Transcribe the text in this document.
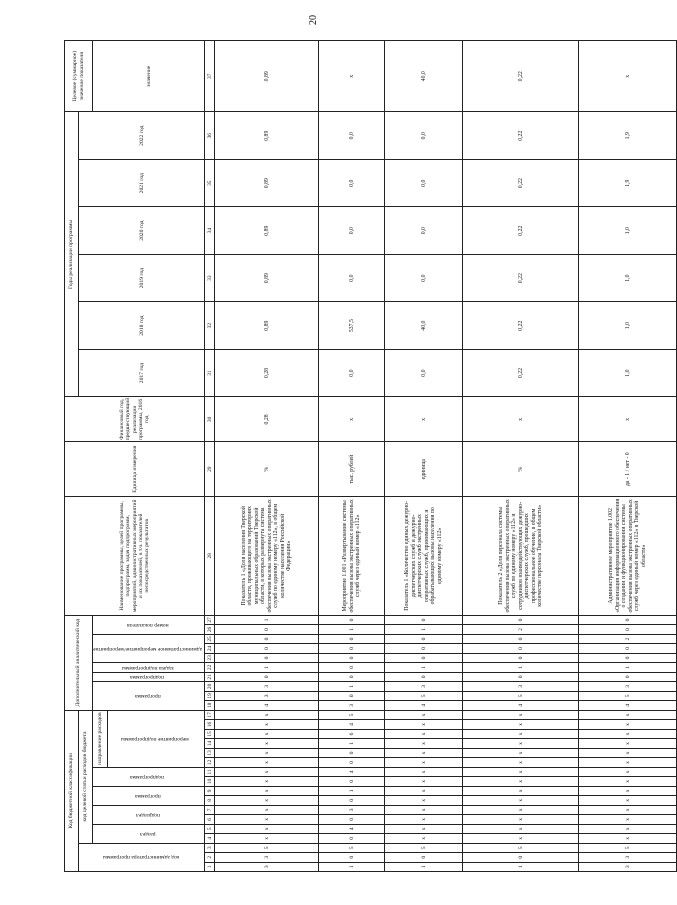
20
Код бюджетной классификации																	Дополнительный аналитический код										Наименование программы, целей программы, подпрограмм, задач подпрограмм, мероприятий, административных мероприятий и их показателей, в т.ч. показателей непосредственных результатов	Единица измерения	Финансовый год, предшествующий реализации программы, 2016 год	Годы реализации программы						Целевое (суммарное) значение показателя
код администратора программы			код целевой статьи расходов бюджета																											2017 год	2018 год	2019 год	2020 год	2021 год	2022 год	
			раздел		подраздел		программа		подпрограмма		направление расходов						программа			подпрограмма	задача подпрограммы	административное мероприятие/мероприятие			номер показателя											значение
											мероприятие подпрограммы																									
1	2	3	4	5	6	7	8	9	10	11	12	13	14	15	16	17	18	19	20	21	22	23	24	25	26	27	28	29	30	31	32	33	34	35	36	37
3	3	5	х	х	х	х	х	х	х	х	х	х	х	х	х	х	4	3	3	0	1	0	0	0	0	1	Показатель 1 «Доля населения Тверской области, проживающего на территориях муниципальных образований Тверской области, в которых развернута система обеспечения вызова экстренных оперативных служб по единому номеру «112», в общем количестве населения Российской Федерации»	%	0,28	0,28	0,89	0,89	0,89	0,89	0,89	0,89
1	0	5	0	4	0	3	0	1	0	4	0	0	1	6	4	5	3	0	1	0	0	0	0	0	1	0	Мероприятие 1.001 «Развертывание системы обеспечения вызова экстренных оперативных служб через единый номер «112»	тыс. рублей	х	0,0	537,5	0,0	0,0	0,0	0,0	х
1	0	5	х	х	х	х	х	х	х	х	х	х	х	х	х	х	4	5	3	0	1	0	0	0	1	0	Показатель 1 «Количество единых дежурно-диспетчерских служб и дежурно-диспетчерских служб экстренных оперативных служб, принимающих и обрабатывающих вызовы населения по единому номеру «112»	единица	х	0,0	40,0	0,0	0,0	0,0	0,0	40,0
1	0	5	х	х	х	х	х	х	х	х	х	х	х	х	х	х	4	5	3	0	1	0	0	0	2	0	Показатель 2 «Доля персонала системы обеспечения вызова экстренных оперативных служб по единому номеру «112» и сотрудников взаимодействующих дежурно-диспетчерских служб, прошедших профессиональное обучение, в общем количестве персонала Тверской области»	%	х	0,22	0,22	0,22	0,22	0,22	0,22	0,22
3	3	5	х	х	х	х	х	х	х	х	х	х	х	х	х	х	4	5	3	0	1	0	0	2	0	0	Административное мероприятие 1.002 «Организация информационного обеспечения о создании и функционировании системы обеспечения вызова экстренных оперативных служб через единый номер «112» в Тверской области»	да - 1 / нет - 0	х	1,0	1,0	1,0	1,0	1,9	1,9	х
